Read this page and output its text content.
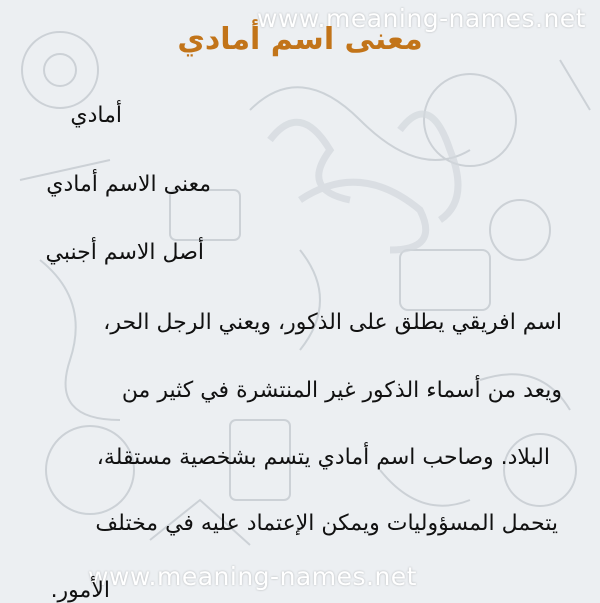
www.meaning-names.net
www.meaning-names.net
معنى اسم أمادي
أمادي
معنى الاسم أمادي
أصل الاسم أجنبي
اسم افريقي يطلق على الذكور، ويعني الرجل الحر،
ويعد من أسماء الذكور غير المنتشرة في كثير من
البلاد. وصاحب اسم أمادي يتسم بشخصية مستقلة،
يتحمل المسؤوليات ويمكن الإعتماد عليه في مختلف
الأمور.
